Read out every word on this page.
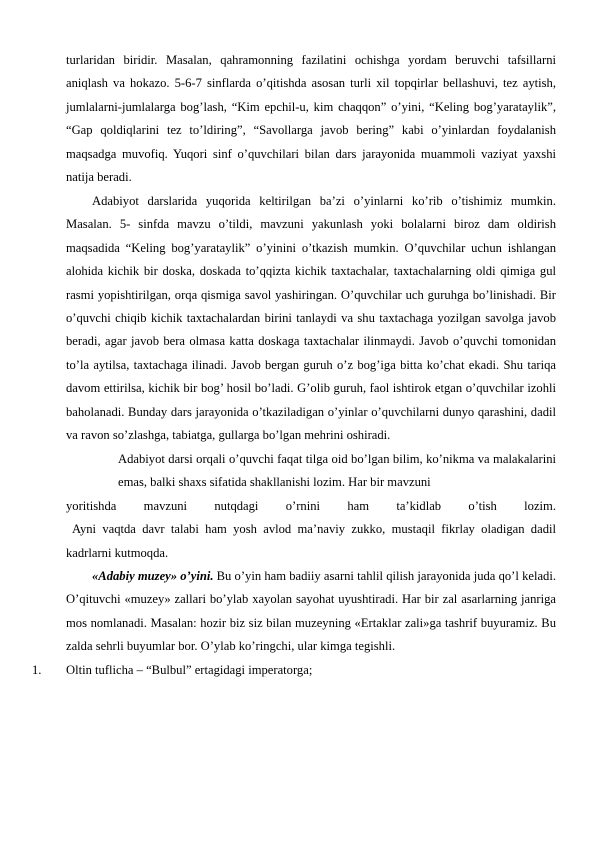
turlaridan biridir. Masalan, qahramonning fazilatini ochishga yordam beruvchi tafsillarni aniqlash va hokazo. 5-6-7 sinflarda o’qitishda asosan turli xil topqirlar bellashuvi, tez aytish, jumlalarni-jumlalarga bog’lash, “Kim epchil-u, kim chaqqon” o’yini, “Keling bog’yarataylik”, “Gap qoldiqlarini tez to’ldiring”, “Savollarga javob bering” kabi o’yinlardan foydalanish maqsadga muvofiq. Yuqori sinf o’quvchilari bilan dars jarayonida muammoli vaziyat yaxshi natija beradi.

Adabiyot darslarida yuqorida keltirilgan ba’zi o’yinlarni ko’rib o’tishimiz mumkin. Masalan. 5- sinfda mavzu o’tildi, mavzuni yakunlash yoki bolalarni biroz dam oldirish maqsadida “Keling bog’yarataylik” o’yinini o’tkazish mumkin. O’quvchilar uchun ishlangan alohida kichik bir doska, doskada to’qqizta kichik taxtachalar, taxtachalarning oldi qimiga gul rasmi yopishtirilgan, orqa qismiga savol yashiringan. O’quvchilar uch guruhga bo’linishadi. Bir o’quvchi chiqib kichik taxtachalardan birini tanlaydi va shu taxtachaga yozilgan savolga javob beradi, agar javob bera olmasa katta doskaga taxtachalar ilinmaydi. Javob o’quvchi tomonidan to’la aytilsa, taxtachaga ilinadi. Javob bergan guruh o’z bog’iga bitta ko’chat ekadi. Shu tariqa davom ettirilsa, kichik bir bog’ hosil bo’ladi. G’olib guruh, faol ishtirok etgan o’quvchilar izohli baholanadi. Bunday dars jarayonida o’tkaziladigan o’yinlar o’quvchilarni dunyo qarashini, dadil va ravon so’zlashga, tabiatga, gullarga bo’lgan mehrini oshiradi.

Adabiyot darsi orqali o’quvchi faqat tilga oid bo’lgan bilim, ko’nikma va malakalarini emas, balki shaxs sifatida shakllanishi lozim. Har bir mavzuni

yoritishda mavzuni nutqdagi o’rnini ham ta’kidlab o’tish lozim.

Ayni vaqtda davr talabi ham yosh avlod ma’naviy zukko, mustaqil fikrlay oladigan dadil kadrlarni kutmoqda.

«Adabiy muzey» o’yini. Bu o’yin ham badiiy asarni tahlil qilish jarayonida juda qo’l keladi. O’qituvchi «muzey» zallari bo’ylab xayolan sayohat uyushtiradi. Har bir zal asarlarning janriga mos nomlanadi. Masalan: hozir biz siz bilan muzeyning «Ertaklar zali»ga tashrif buyuramiz. Bu zalda sehrli buyumlar bor. O’ylab ko’ringchi, ular kimga tegishli.

1. Oltin tuflicha – “Bulbul” ertagidagi imperatorga;
